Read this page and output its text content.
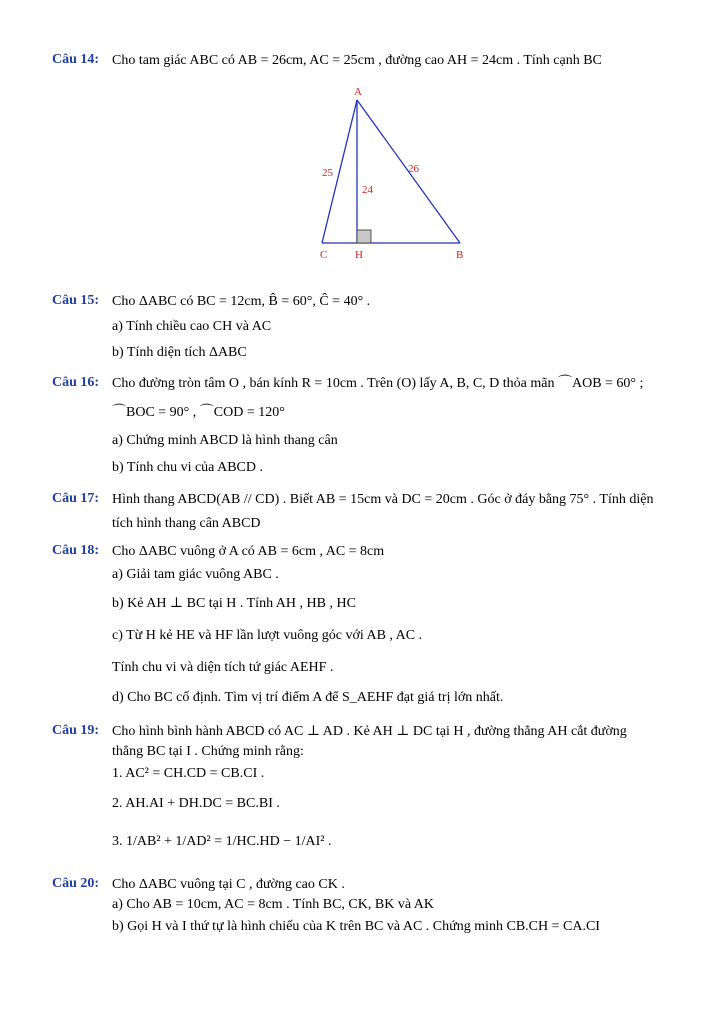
Câu 14: Cho tam giác ABC có AB = 26cm, AC = 25cm , đường cao AH = 24cm . Tính cạnh BC
A
C	H	B
25	26
24
Câu 15: Cho ΔABC có BC = 12cm, B̂ = 60°, Ĉ = 40° .
a) Tính chiều cao CH và AC
b) Tính diện tích ΔABC
Câu 16: Cho đường tròn tâm O , bán kính R = 10cm . Trên (O) lấy A, B, C, D thỏa mãn ⌒AOB = 60° ;
⌒BOC = 90° , ⌒COD = 120°
a) Chứng minh ABCD là hình thang cân
b) Tính chu vi của ABCD .
Câu 17: Hình thang ABCD(AB // CD) . Biết AB = 15cm và DC = 20cm . Góc ở đáy bằng 75° . Tính diện
tích hình thang cân ABCD
Câu 18: Cho ΔABC vuông ở A có AB = 6cm , AC = 8cm
a) Giải tam giác vuông ABC .
b) Kẻ AH ⊥ BC tại H . Tính AH , HB , HC
c) Từ H kẻ HE và HF lần lượt vuông góc với AB , AC .
Tính chu vi và diện tích tứ giác AEHF .
d) Cho BC cố định. Tìm vị trí điểm A để S_AEHF đạt giá trị lớn nhất.
Câu 19: Cho hình bình hành ABCD có AC ⊥ AD . Kẻ AH ⊥ DC tại H , đường thẳng AH cắt đường
thẳng BC tại I . Chứng minh rằng:
1. AC² = CH.CD = CB.CI .
2. AH.AI + DH.DC = BC.BI .
3. 1/AB² + 1/AD² = 1/HC.HD − 1/AI² .
Câu 20: Cho ΔABC vuông tại C , đường cao CK .
a) Cho AB = 10cm, AC = 8cm . Tính BC, CK, BK và AK
b) Gọi H và I thứ tự là hình chiếu của K trên BC và AC . Chứng minh CB.CH = CA.CI
